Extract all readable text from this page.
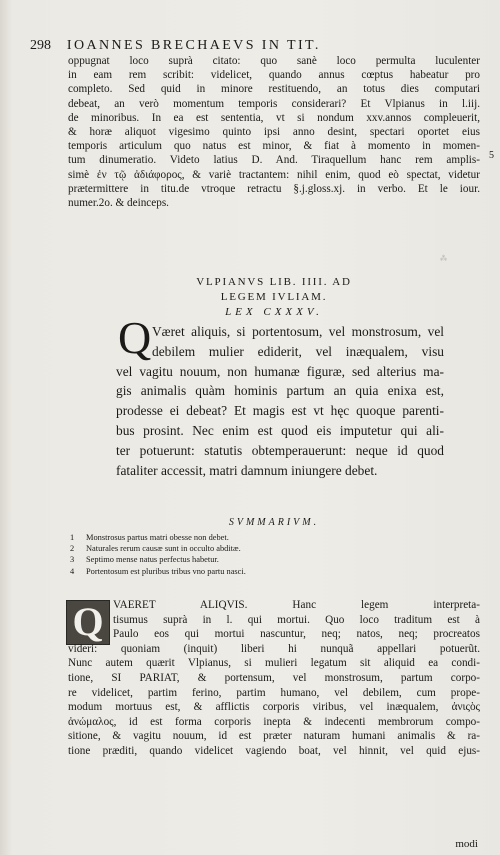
⁂
298 IOANNES BRECHAEVS IN TIT.
5
oppugnat loco suprà citato: quo sanè loco permulta luculenter
in eam rem scribit: videlicet, quando annus cœptus habeatur pro
completo. Sed quid in minore restituendo, an totus dies computari
debeat, an verò momentum temporis considerari? Et Vlpianus in l.iij.
de minoribus. In ea est sententia, vt si nondum xxv.annos compleuerit,
& horæ aliquot vigesimo quinto ipsi anno desint, spectari oportet eius
temporis articulum quo natus est minor, & fiat à momento in momen-
tum dinumeratio. Videto latius D. And. Tiraquellum hanc rem amplis-
simè ἐν τῷ ἀδιάφορος, & variè tractantem: nihil enim, quod eò spectat, videtur
prætermittere in titu.de vtroque retractu §.j.gloss.xj. in verbo. Et le iour.
numer.2o. & deinceps.
VLPIANVS LIB. IIII. AD
LEGEM IVLIAM.
LEX CXXXV.
Q Været aliquis, si portentosum, vel monstrosum, vel
debilem mulier ediderit, vel inæqualem, visu
vel vagitu nouum, non humanæ figuræ, sed alterius ma-
gis animalis quàm hominis partum an quia enixa est,
prodesse ei debeat? Et magis est vt hęc quoque parenti-
bus prosint. Nec enim est quod eis imputetur qui ali-
ter potuerunt: statutis obtemperauerunt: neque id quod
fataliter accessit, matri damnum iniungere debet.
SVMMARIVM.
1	Monstrosus partus matri obesse non debet.
2	Naturales rerum causæ sunt in occulto abditæ.
3	Septimo mense natus perfectus habetur.
4	Portentosum est pluribus tribus vno partu nasci.
Q VAERET ALIQVIS. Hanc legem interpreta-
tisumus suprà in l. qui mortui. Quo loco traditum est à
Paulo eos qui mortui nascuntur, neq; natos, neq; procreatos
videri: quoniam (inquit) liberi hi nunquã appellari potuerũt.
Nunc autem quærit Vlpianus, si mulieri legatum sit aliquid ea condi-
tione, SI PARIAT, & portensum, vel monstrosum, partum corpo-
re videlicet, partim ferino, partim humano, vel debilem, cum prope-
modum mortuus est, & afflictis corporis viribus, vel inæqualem, ἀνιςὸς
ἀνώμαλος, id est forma corporis inepta & indecenti membrorum compo-
sitione, & vagitu nouum, id est præter naturam humani animalis & ra-
tione præditi, quando videlicet vagiendo boat, vel hinnit, vel quid ejus-
modi
